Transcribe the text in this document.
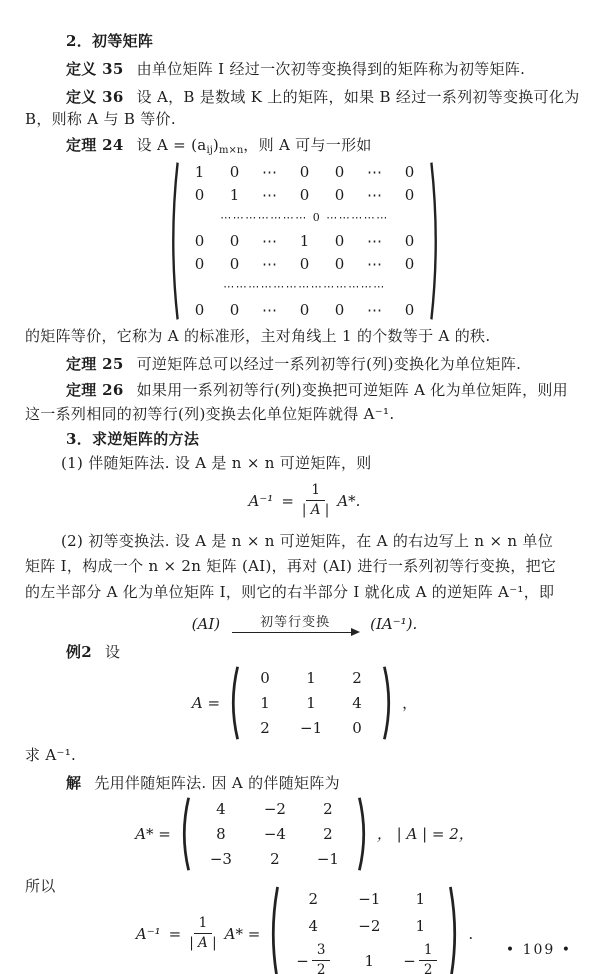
2．初等矩阵
定义 35 由单位矩阵 I 经过一次初等变换得到的矩阵称为初等矩阵.
定义 36 设 A，B 是数域 K 上的矩阵，如果 B 经过一系列初等变换可化为
B，则称 A 与 B 等价.
定理 24 设 $A = (a_{ij})_{m\times n}$，则 A 可与一形如
1 0 ⋯ 0 0 ⋯ 0
0 1 ⋯ 0 0 ⋯ 0
⋯⋯⋯⋯⋯⋯⋯ 0 ⋯⋯⋯⋯⋯
0 0 ⋯ 1 0 ⋯ 0
0 0 ⋯ 0 0 ⋯ 0
⋯⋯⋯⋯⋯⋯⋯⋯⋯⋯⋯⋯⋯
0 0 ⋯ 0 0 ⋯ 0
的矩阵等价，它称为 A 的标准形，主对角线上 1 的个数等于 A 的秩.
定理 25 可逆矩阵总可以经过一系列初等行(列)变换化为单位矩阵.
定理 26 如果用一系列初等行(列)变换把可逆矩阵 A 化为单位矩阵，则用
这一系列相同的初等行(列)变换去化单位矩阵就得 A⁻¹.
3．求逆矩阵的方法
(1) 伴随矩阵法. 设 A 是 n × n 可逆矩阵，则
$A^{-1} = \frac{1}{| A |} A*$.
(2) 初等变换法. 设 A 是 n × n 可逆矩阵，在 A 的右边写上 n × n 单位
矩阵 I，构成一个 n × 2n 矩阵 (AI)，再对 (AI) 进行一系列初等行变换，把它
的左半部分 A 化为单位矩阵 I，则它的右半部分 I 就化成 A 的逆矩阵 A⁻¹，即
(AI)	初等行变换	(IA⁻¹).
例2 设
A =
0 1 2
1 1 4
2 −1 0
，
求 A⁻¹.
解 先用伴随矩阵法. 因 A 的伴随矩阵为
A* =
4	−2 2
8	−4 2
−3	2 −1
， | A | = 2，
所以
$A^{-1} = \frac{1}{| A |} A*$ =
2	−1 1
4	−2 1
− $\frac{3}{2} 1 - \frac{1}{2}$
.
• 109 •
